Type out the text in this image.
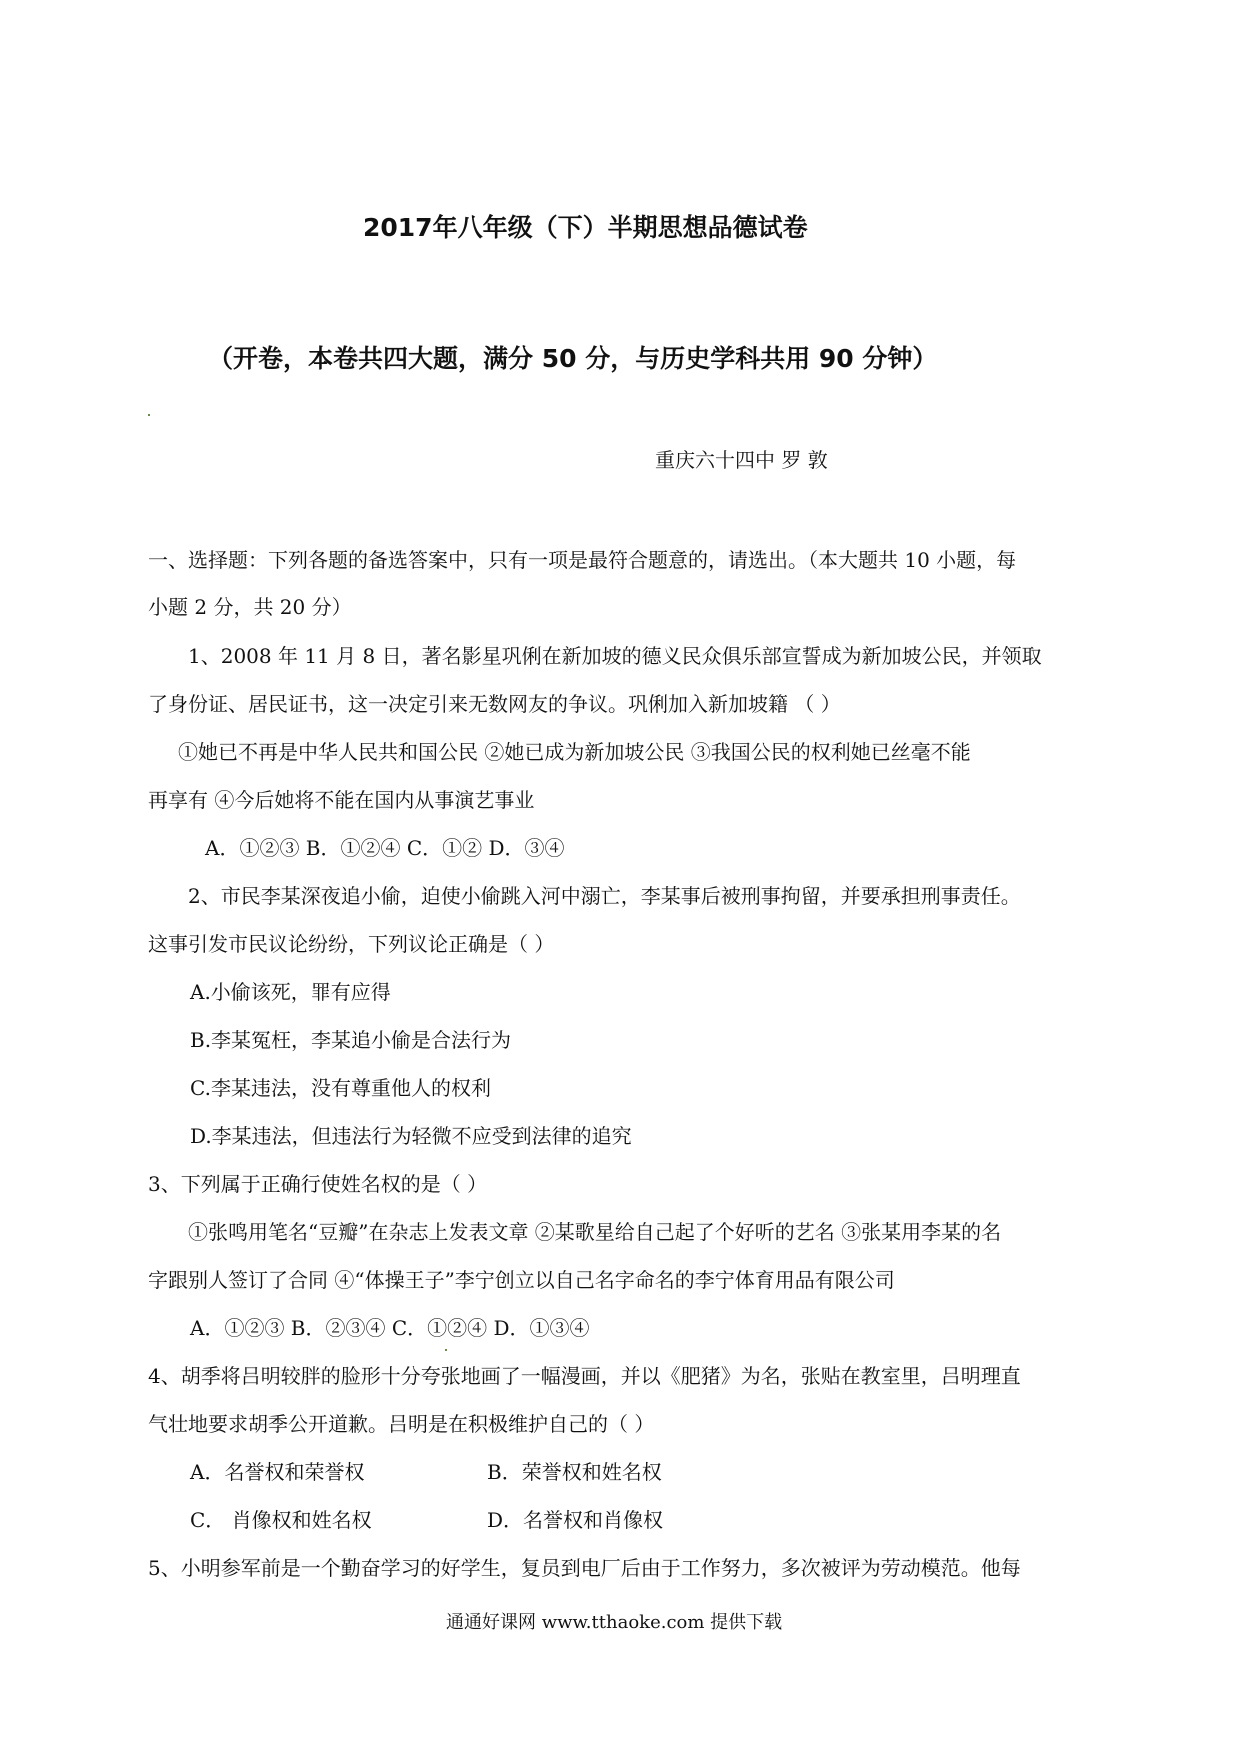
2017年八年级（下）半期思想品德试卷
（开卷，本卷共四大题，满分 50 分，与历史学科共用 90 分钟）
重庆六十四中 罗 敦
一、选择题：下列各题的备选答案中，只有一项是最符合题意的，请选出。（本大题共 10 小题，每
小题 2 分，共 20 分）
1、2008 年 11 月 8 日，著名影星巩俐在新加坡的德义民众俱乐部宣誓成为新加坡公民，并领取
了身份证、居民证书，这一决定引来无数网友的争议。巩俐加入新加坡籍 （ ）
①她已不再是中华人民共和国公民 ②她已成为新加坡公民 ③我国公民的权利她已丝毫不能
再享有 ④今后她将不能在国内从事演艺事业
A．①②③ B．①②④ C．①② D．③④
2、市民李某深夜追小偷，迫使小偷跳入河中溺亡，李某事后被刑事拘留，并要承担刑事责任。
这事引发市民议论纷纷，下列议论正确是（ ）
A.小偷该死，罪有应得
B.李某冤枉，李某追小偷是合法行为
C.李某违法，没有尊重他人的权利
D.李某违法，但违法行为轻微不应受到法律的追究
3、下列属于正确行使姓名权的是（ ）
①张鸣用笔名“豆瓣”在杂志上发表文章 ②某歌星给自己起了个好听的艺名 ③张某用李某的名
字跟别人签订了合同 ④“体操王子”李宁创立以自己名字命名的李宁体育用品有限公司
A．①②③ B．②③④ C．①②④ D．①③④
4、胡季将吕明较胖的脸形十分夸张地画了一幅漫画，并以《肥猪》为名，张贴在教室里，吕明理直
气壮地要求胡季公开道歉。吕明是在积极维护自己的（ ）
A．名誉权和荣誉权	B．荣誉权和姓名权
C． 肖像权和姓名权	D．名誉权和肖像权
5、小明参军前是一个勤奋学习的好学生，复员到电厂后由于工作努力，多次被评为劳动模范。他每
通通好课网 www.tthaoke.com 提供下载
